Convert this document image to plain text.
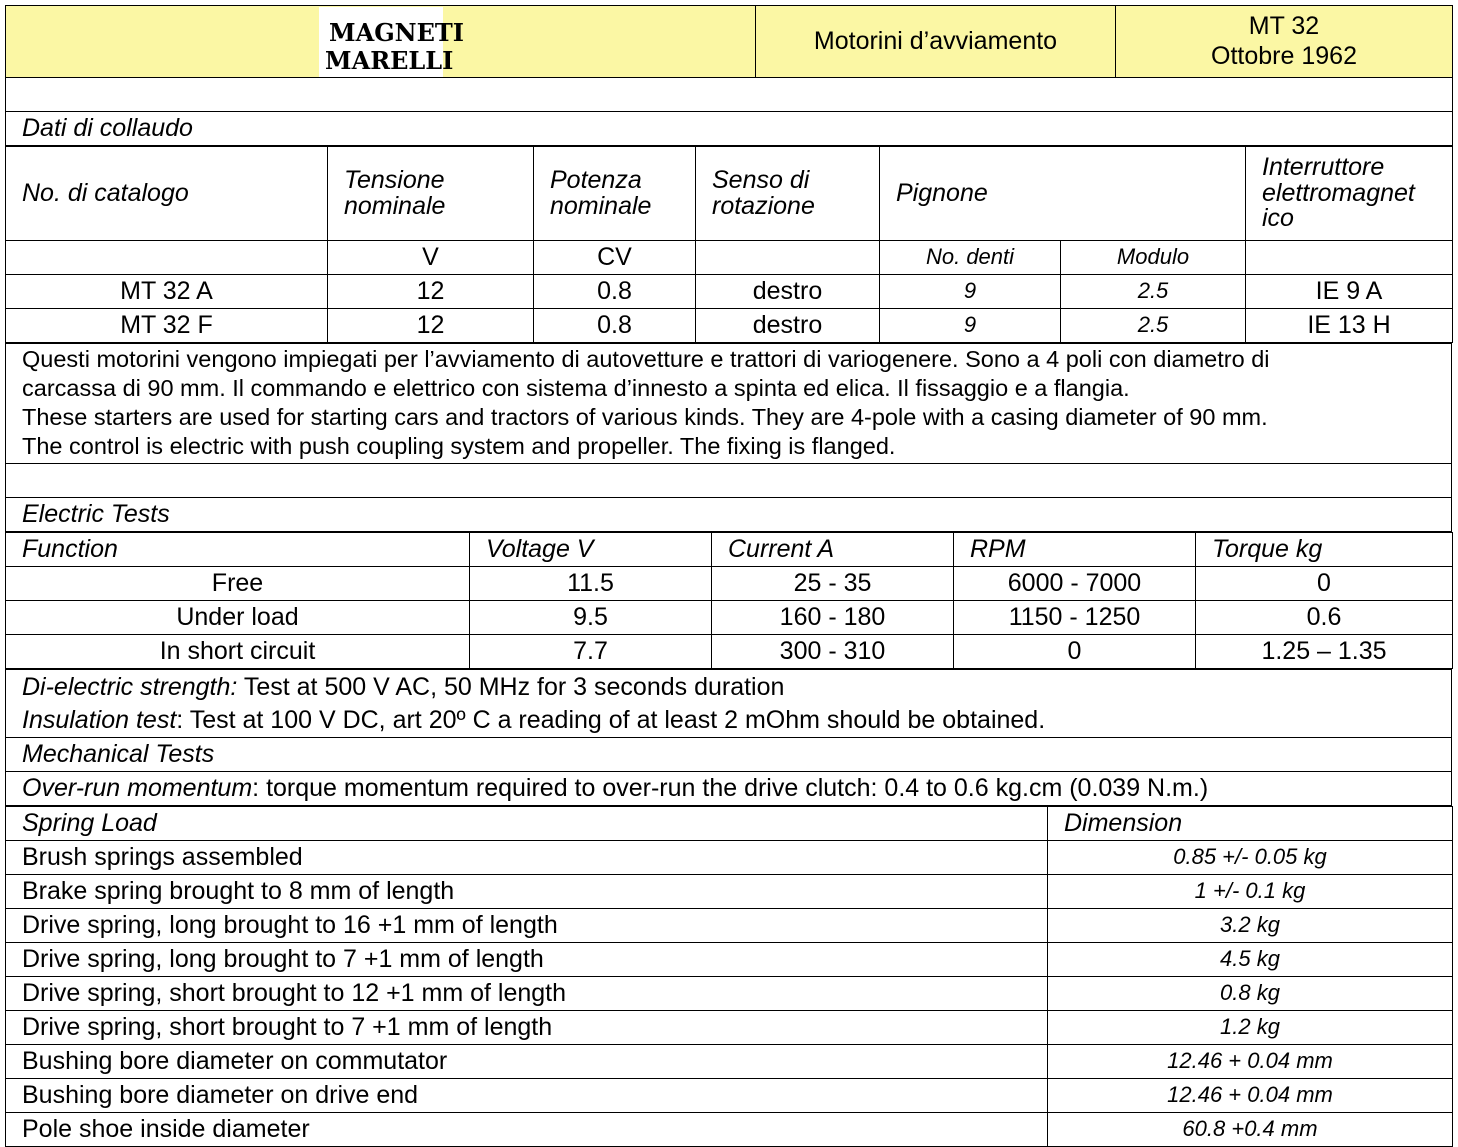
MAGNETI
MARELLI
	Motorini d’avviamento	
MT 32
Ottobre 1962

Dati di collaudo
No. di catalogo	Tensione nominale	Potenza nominale	Senso di rotazione	Pignone		Interruttore elettromagnet ico
	V	CV		No. denti	Modulo	
MT 32 A	12	0.8	destro	9	2.5	IE 9 A
MT 32 F	12	0.8	destro	9	2.5	IE 13 H
Questi motorini vengono impiegati per l’avviamento di autovetture e trattori di variogenere. Sono a 4 poli con diametro di
carcassa di 90 mm. Il commando e elettrico con sistema d’innesto a spinta ed elica. Il fissaggio e a flangia.
These starters are used for starting cars and tractors of various kinds. They are 4-pole with a casing diameter of 90 mm.
The control is electric with push coupling system and propeller. The fixing is flanged.

Electric Tests
Function	Voltage V	Current A	RPM	Torque kg
Free	11.5	25 - 35	6000 - 7000	0
Under load	9.5	160 - 180	1150 - 1250	0.6
In short circuit	7.7	300 - 310	0	1.25 – 1.35
Di-electric strength: Test at 500 V AC, 50 MHz for 3 seconds duration
Insulation test: Test at 100 V DC, art 20º C a reading of at least 2 mOhm should be obtained.

Mechanical Tests
Over-run momentum: torque momentum required to over-run the drive clutch: 0.4 to 0.6 kg.cm (0.039 N.m.)
Spring Load	Dimension
Brush springs assembled	0.85 +/- 0.05 kg
Brake spring brought to 8 mm of length	1 +/- 0.1 kg
Drive spring, long brought to 16 +1 mm of length	3.2 kg
Drive spring, long brought to 7 +1 mm of length	4.5 kg
Drive spring, short brought to 12 +1 mm of length	0.8 kg
Drive spring, short brought to 7 +1 mm of length	1.2 kg
Bushing bore diameter on commutator	12.46 + 0.04 mm
Bushing bore diameter on drive end	12.46 + 0.04 mm
Pole shoe inside diameter	60.8 +0.4 mm
